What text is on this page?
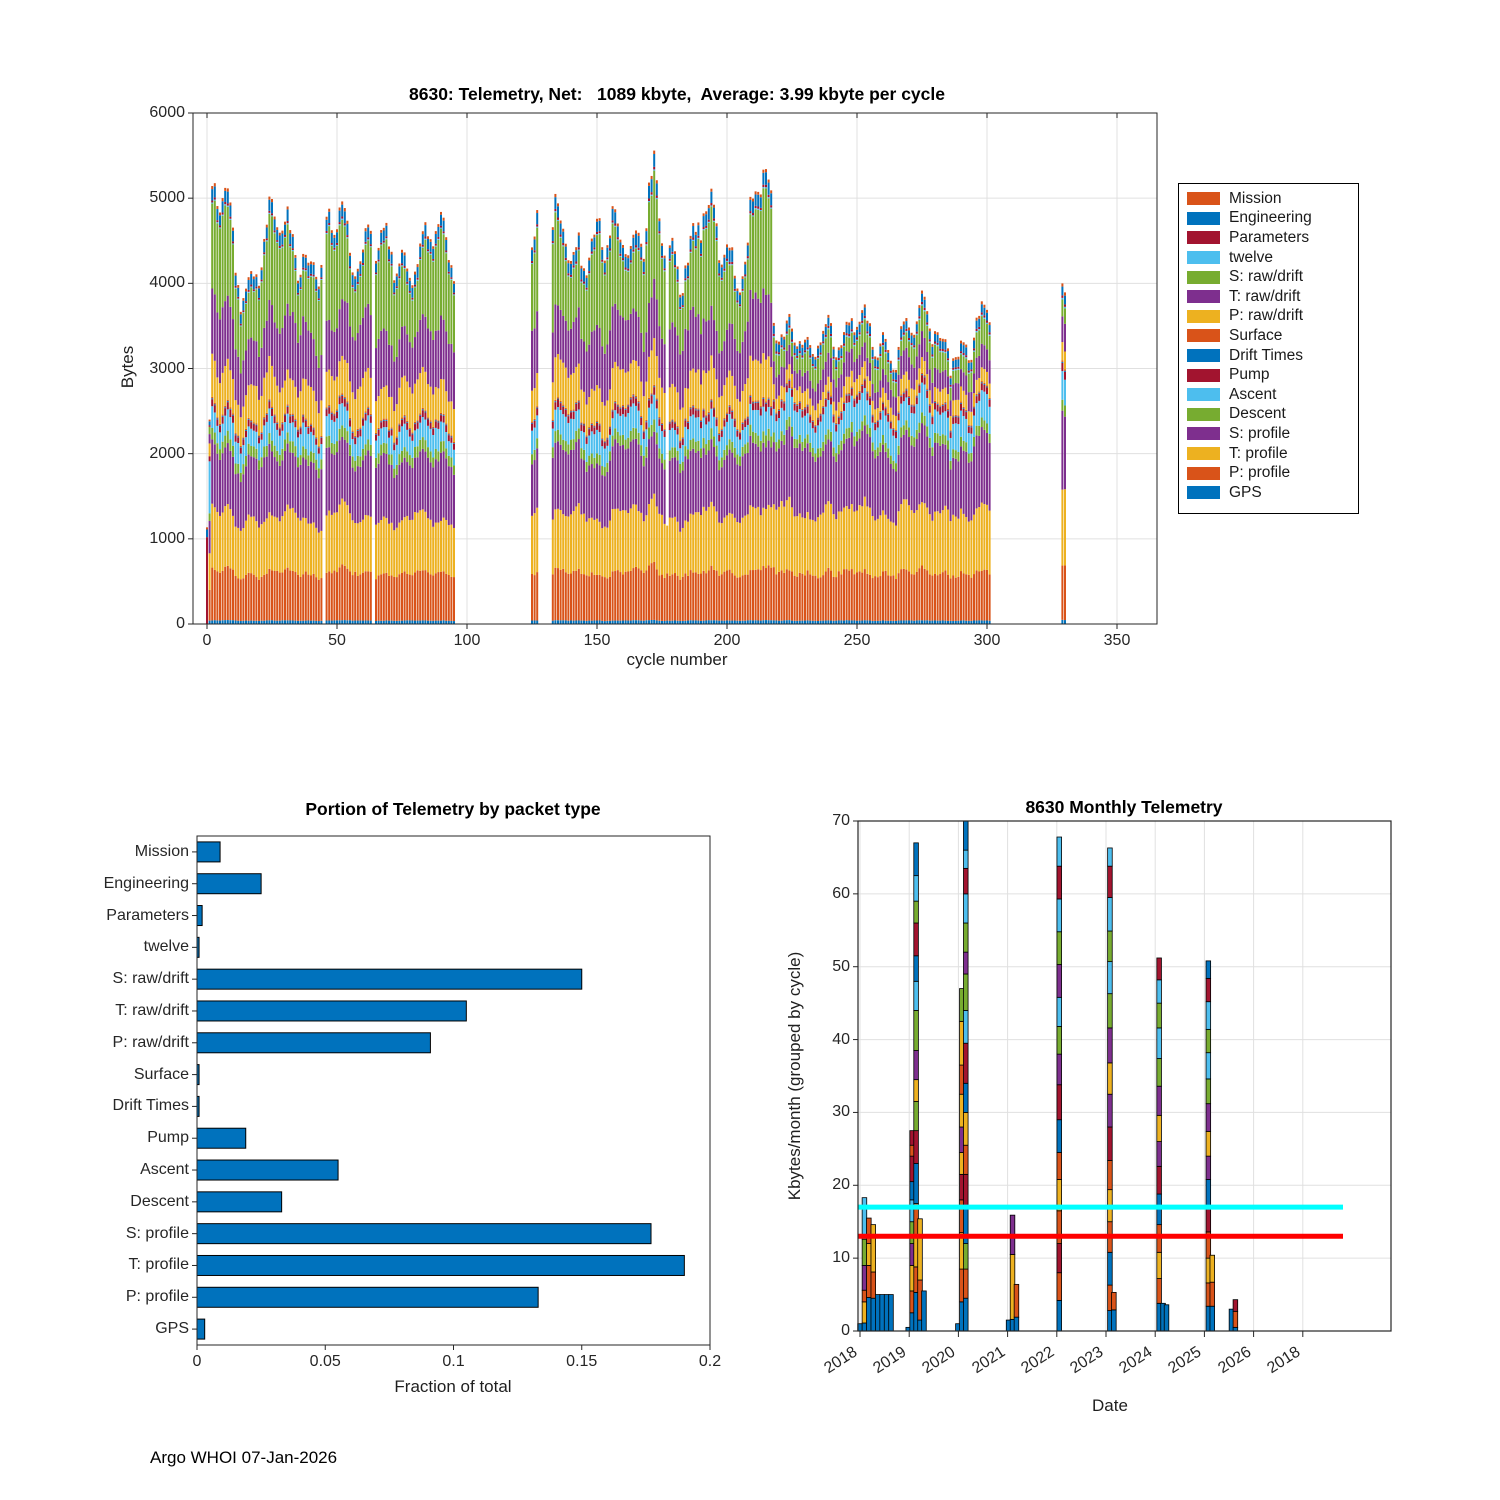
8630: Telemetry, Net:   1089 kbyte,  Average: 3.99 kbyte per cycle
Bytes
cycle number
Mission
Engineering
Parameters
twelve
S: raw/drift
T: raw/drift
P: raw/drift
Surface
Drift Times
Pump
Ascent
Descent
S: profile
T: profile
P: profile
GPS
Portion of Telemetry by packet type
Fraction of total
8630 Monthly Telemetry
Kbytes/month (grouped by cycle)
Date
0	50	100	150	200	250	300	350
0
1000
2000
3000
4000
5000
6000
Mission
Engineering
Parameters
twelve
S: raw/drift
T: raw/drift
P: raw/drift
Surface
Drift Times
Pump
Ascent
Descent
S: profile
T: profile
P: profile
GPS
0	0.05	0.1	0.15	0.2	2018 2019 2020 2021 2022 2023 2024 2025 2026 2018
0
10
20
30
40
50
60
70
Argo WHOI 07-Jan-2026
